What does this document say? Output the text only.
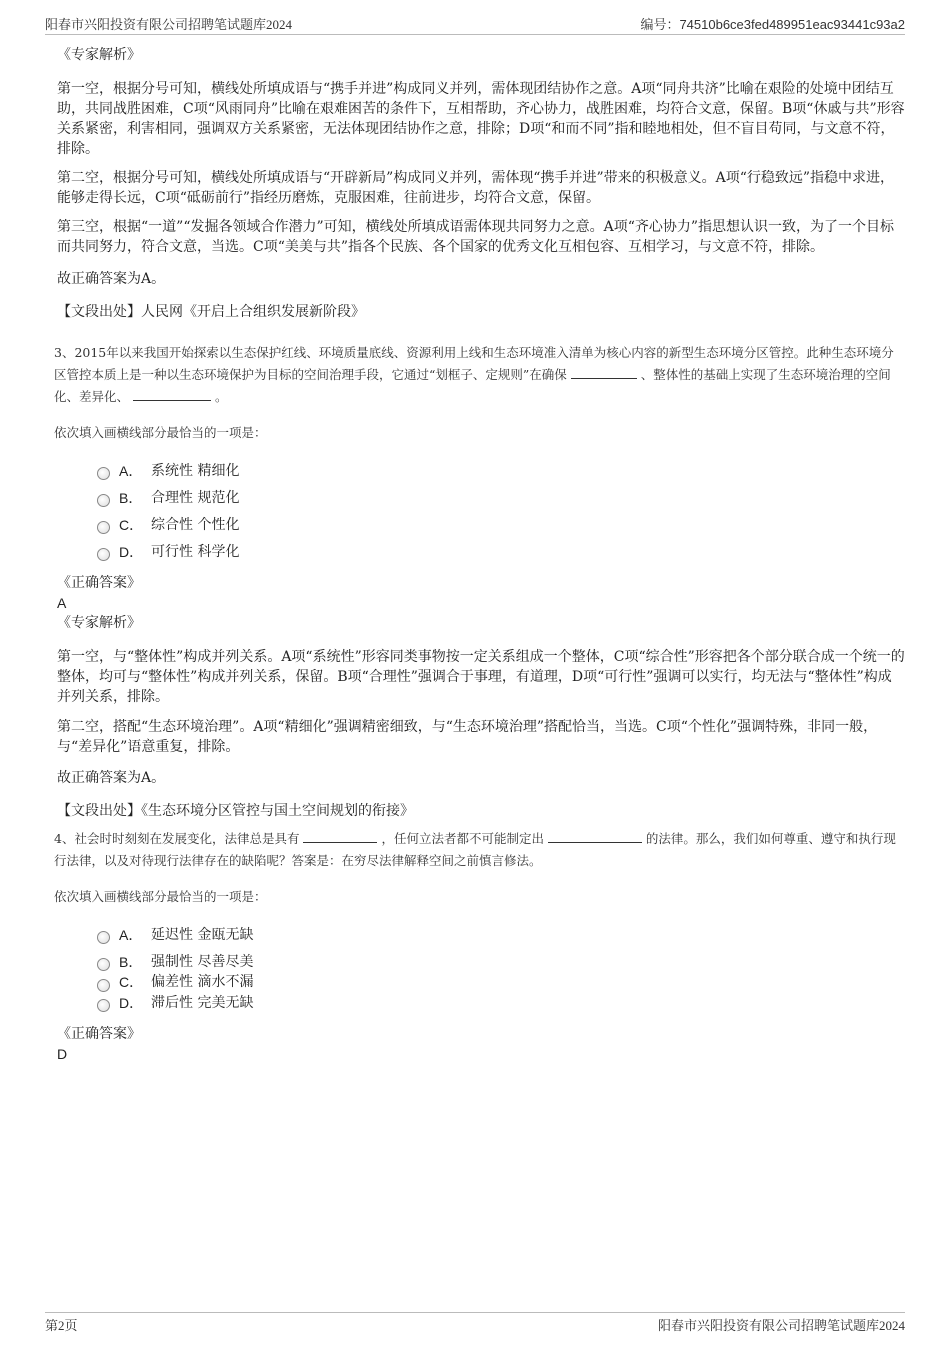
阳春市兴阳投资有限公司招聘笔试题库2024	编号：74510b6ce3fed489951eac93441c93a2

《专家解析》

第一空，根据分号可知，横线处所填成语与“携手并进”构成同义并列，需体现团结协作之意。A项“同舟共济”比喻在艰险的处境中团结互助，共同战胜困难，C项“风雨同舟”比喻在艰难困苦的条件下，互相帮助，齐心协力，战胜困难，均符合文意，保留。B项“休戚与共”形容关系紧密，利害相同，强调双方关系紧密，无法体现团结协作之意，排除；D项“和而不同”指和睦地相处，但不盲目苟同，与文意不符，排除。

第二空，根据分号可知，横线处所填成语与“开辟新局”构成同义并列，需体现“携手并进”带来的积极意义。A项“行稳致远”指稳中求进，能够走得长远，C项“砥砺前行”指经历磨炼，克服困难，往前进步，均符合文意，保留。

第三空，根据“一道”“发掘各领域合作潜力”可知，横线处所填成语需体现共同努力之意。A项“齐心协力”指思想认识一致，为了一个目标而共同努力，符合文意，当选。C项“美美与共”指各个民族、各个国家的优秀文化互相包容、互相学习，与文意不符，排除。

故正确答案为A。

【文段出处】人民网《开启上合组织发展新阶段》

3、2015年以来我国开始探索以生态保护红线、环境质量底线、资源利用上线和生态环境准入清单为核心内容的新型生态环境分区管控。此种生态环境分区管控本质上是一种以生态环境保护为目标的空间治理手段，它通过“划框子、定规则”在确保	、整体性的基础上实现了生态环境治理的空间化、差异化、	。

依次填入画横线部分最恰当的一项是：

A． 系统性 精细化
B． 合理性 规范化
C． 综合性 个性化
D． 可行性 科学化

《正确答案》

A

《专家解析》

第一空，与“整体性”构成并列关系。A项“系统性”形容同类事物按一定关系组成一个整体，C项“综合性”形容把各个部分联合成一个统一的整体，均可与“整体性”构成并列关系，保留。B项“合理性”强调合于事理，有道理，D项“可行性”强调可以实行，均无法与“整体性”构成并列关系，排除。

第二空，搭配“生态环境治理”。A项“精细化”强调精密细致，与“生态环境治理”搭配恰当，当选。C项“个性化”强调特殊，非同一般，与“差异化”语意重复，排除。

故正确答案为A。

【文段出处】《生态环境分区管控与国土空间规划的衔接》

4、社会时时刻刻在发展变化，法律总是具有	，任何立法者都不可能制定出	的法律。那么，我们如何尊重、遵守和执行现行法律，以及对待现行法律存在的缺陷呢？答案是：在穷尽法律解释空间之前慎言修法。

依次填入画横线部分最恰当的一项是：

A． 延迟性 金瓯无缺
B． 强制性 尽善尽美
C． 偏差性 滴水不漏
D． 滞后性 完美无缺

《正确答案》

D

第2页	阳春市兴阳投资有限公司招聘笔试题库2024
